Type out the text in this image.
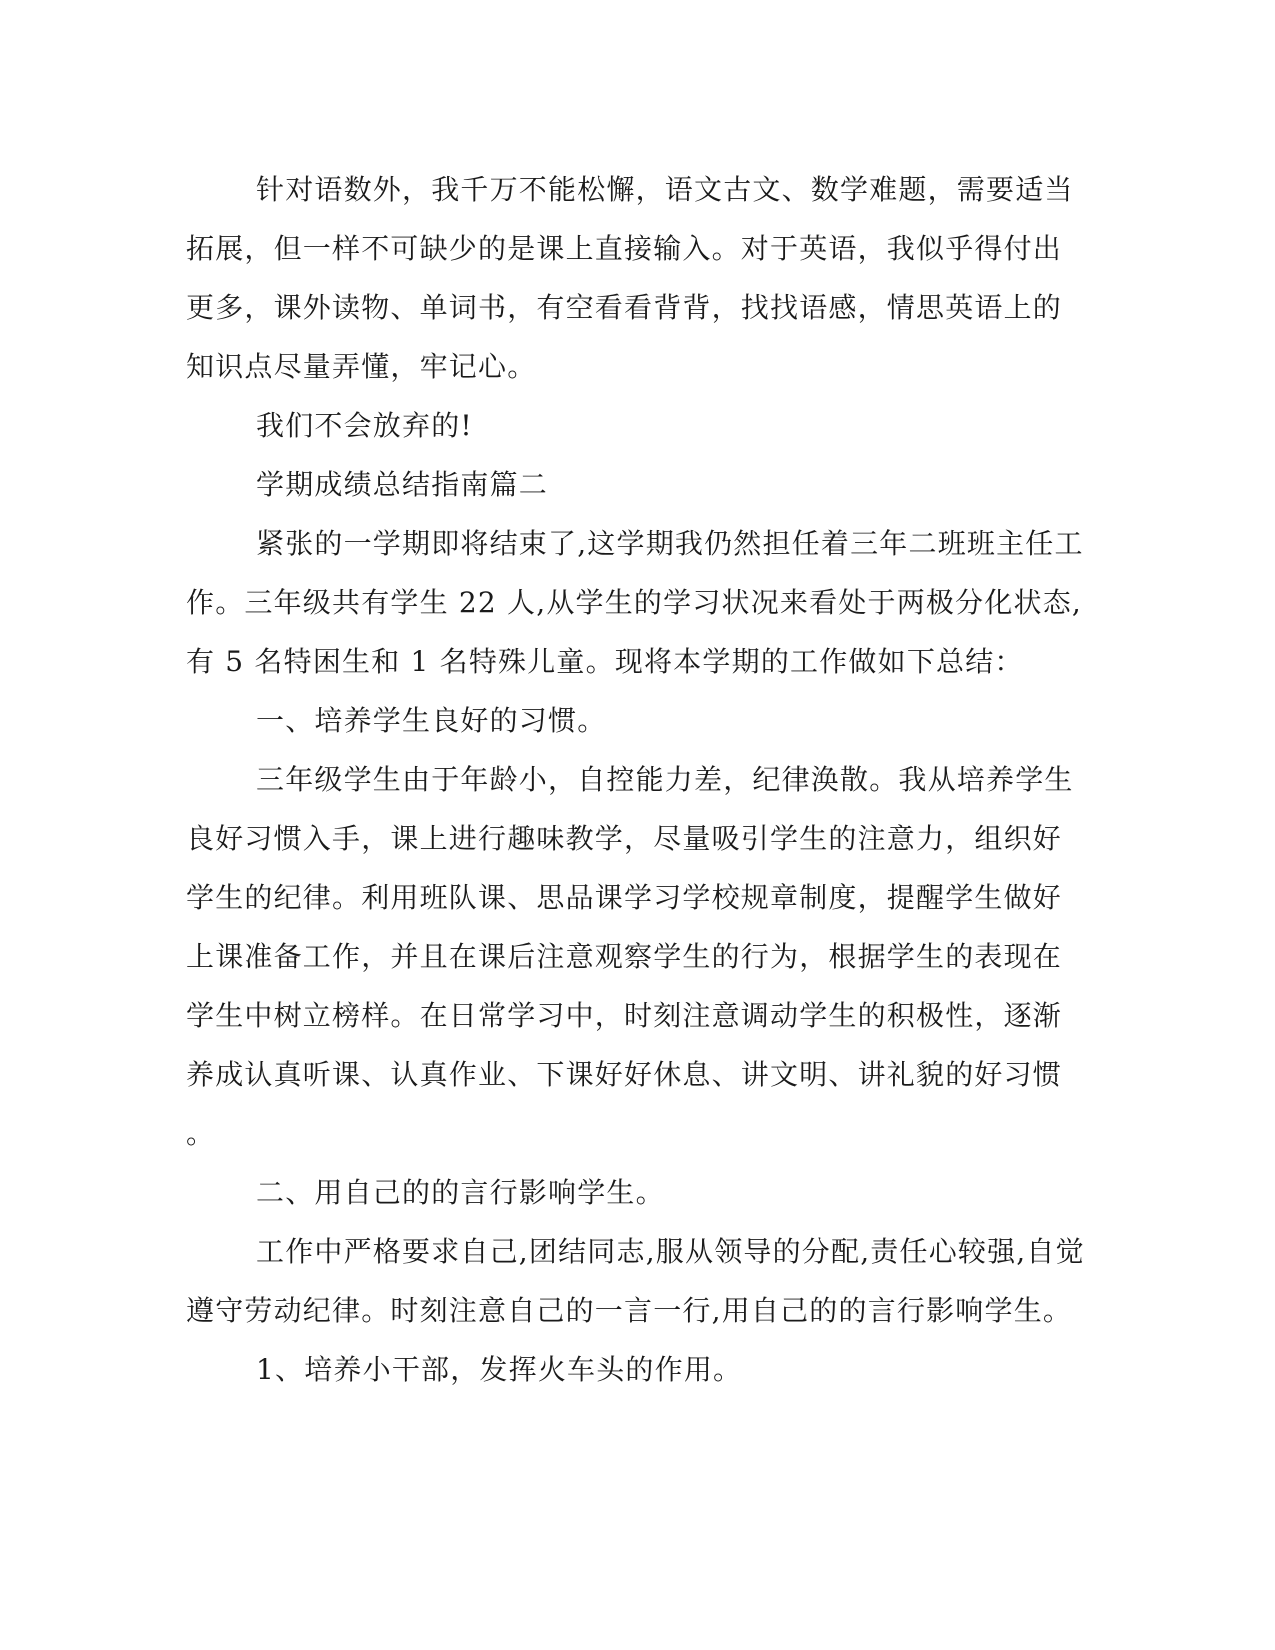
针对语数外，我千万不能松懈，语文古文、数学难题，需要适当
拓展，但一样不可缺少的是课上直接输入。对于英语，我似乎得付出
更多，课外读物、单词书，有空看看背背，找找语感，情思英语上的
知识点尽量弄懂，牢记心。
我们不会放弃的!
学期成绩总结指南篇二
紧张的一学期即将结束了,这学期我仍然担任着三年二班班主任工
作。三年级共有学生 22 人,从学生的学习状况来看处于两极分化状态,
有 5 名特困生和 1 名特殊儿童。现将本学期的工作做如下总结：
一、培养学生良好的习惯。
三年级学生由于年龄小，自控能力差，纪律涣散。我从培养学生
良好习惯入手，课上进行趣味教学，尽量吸引学生的注意力，组织好
学生的纪律。利用班队课、思品课学习学校规章制度，提醒学生做好
上课准备工作，并且在课后注意观察学生的行为，根据学生的表现在
学生中树立榜样。在日常学习中，时刻注意调动学生的积极性，逐渐
养成认真听课、认真作业、下课好好休息、讲文明、讲礼貌的好习惯
。
二、用自己的的言行影响学生。
工作中严格要求自己,团结同志,服从领导的分配,责任心较强,自觉
遵守劳动纪律。时刻注意自己的一言一行,用自己的的言行影响学生。
1、培养小干部，发挥火车头的作用。
